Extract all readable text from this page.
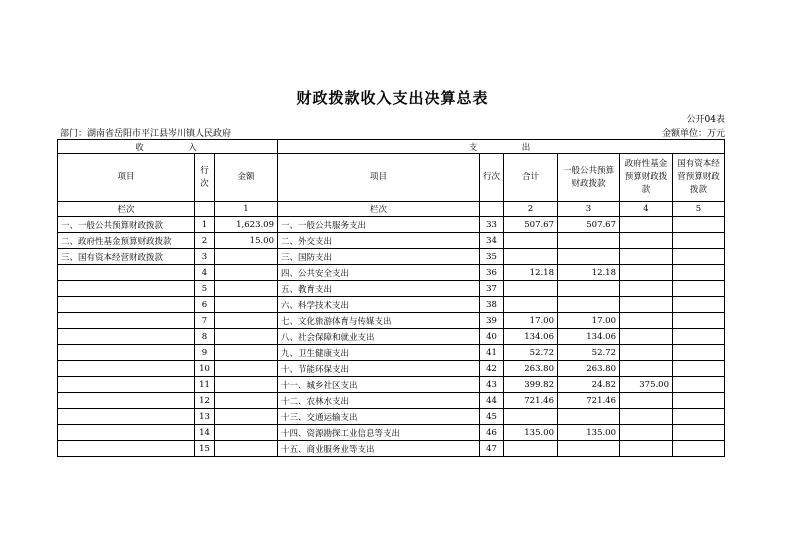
财政拨款收入支出决算总表
公开04表
部门：湖南省岳阳市平江县岑川镇人民政府	金额单位：万元
收　入			支　出					
项目	行次	金额	项目	行次	合计	一般公共预算财政拨款	政府性基金预算财政拨款	国有资本经营预算财政拨款
栏次		1	栏次		2	3	4	5
一、一般公共预算财政拨款	1	1,623.09	一、一般公共服务支出	33	507.67	507.67		
二、政府性基金预算财政拨款	2	15.00	二、外交支出	34				
三、国有资本经营财政拨款	3		三、国防支出	35				
	4		四、公共安全支出	36	12.18	12.18		
	5		五、教育支出	37				
	6		六、科学技术支出	38				
	7		七、文化旅游体育与传媒支出	39	17.00	17.00		
	8		八、社会保障和就业支出	40	134.06	134.06		
	9		九、卫生健康支出	41	52.72	52.72		
	10		十、节能环保支出	42	263.80	263.80		
	11		十一、城乡社区支出	43	399.82	24.82	375.00	
	12		十二、农林水支出	44	721.46	721.46		
	13		十三、交通运输支出	45				
	14		十四、资源勘探工业信息等支出	46	135.00	135.00		
	15		十五、商业服务业等支出	47				
